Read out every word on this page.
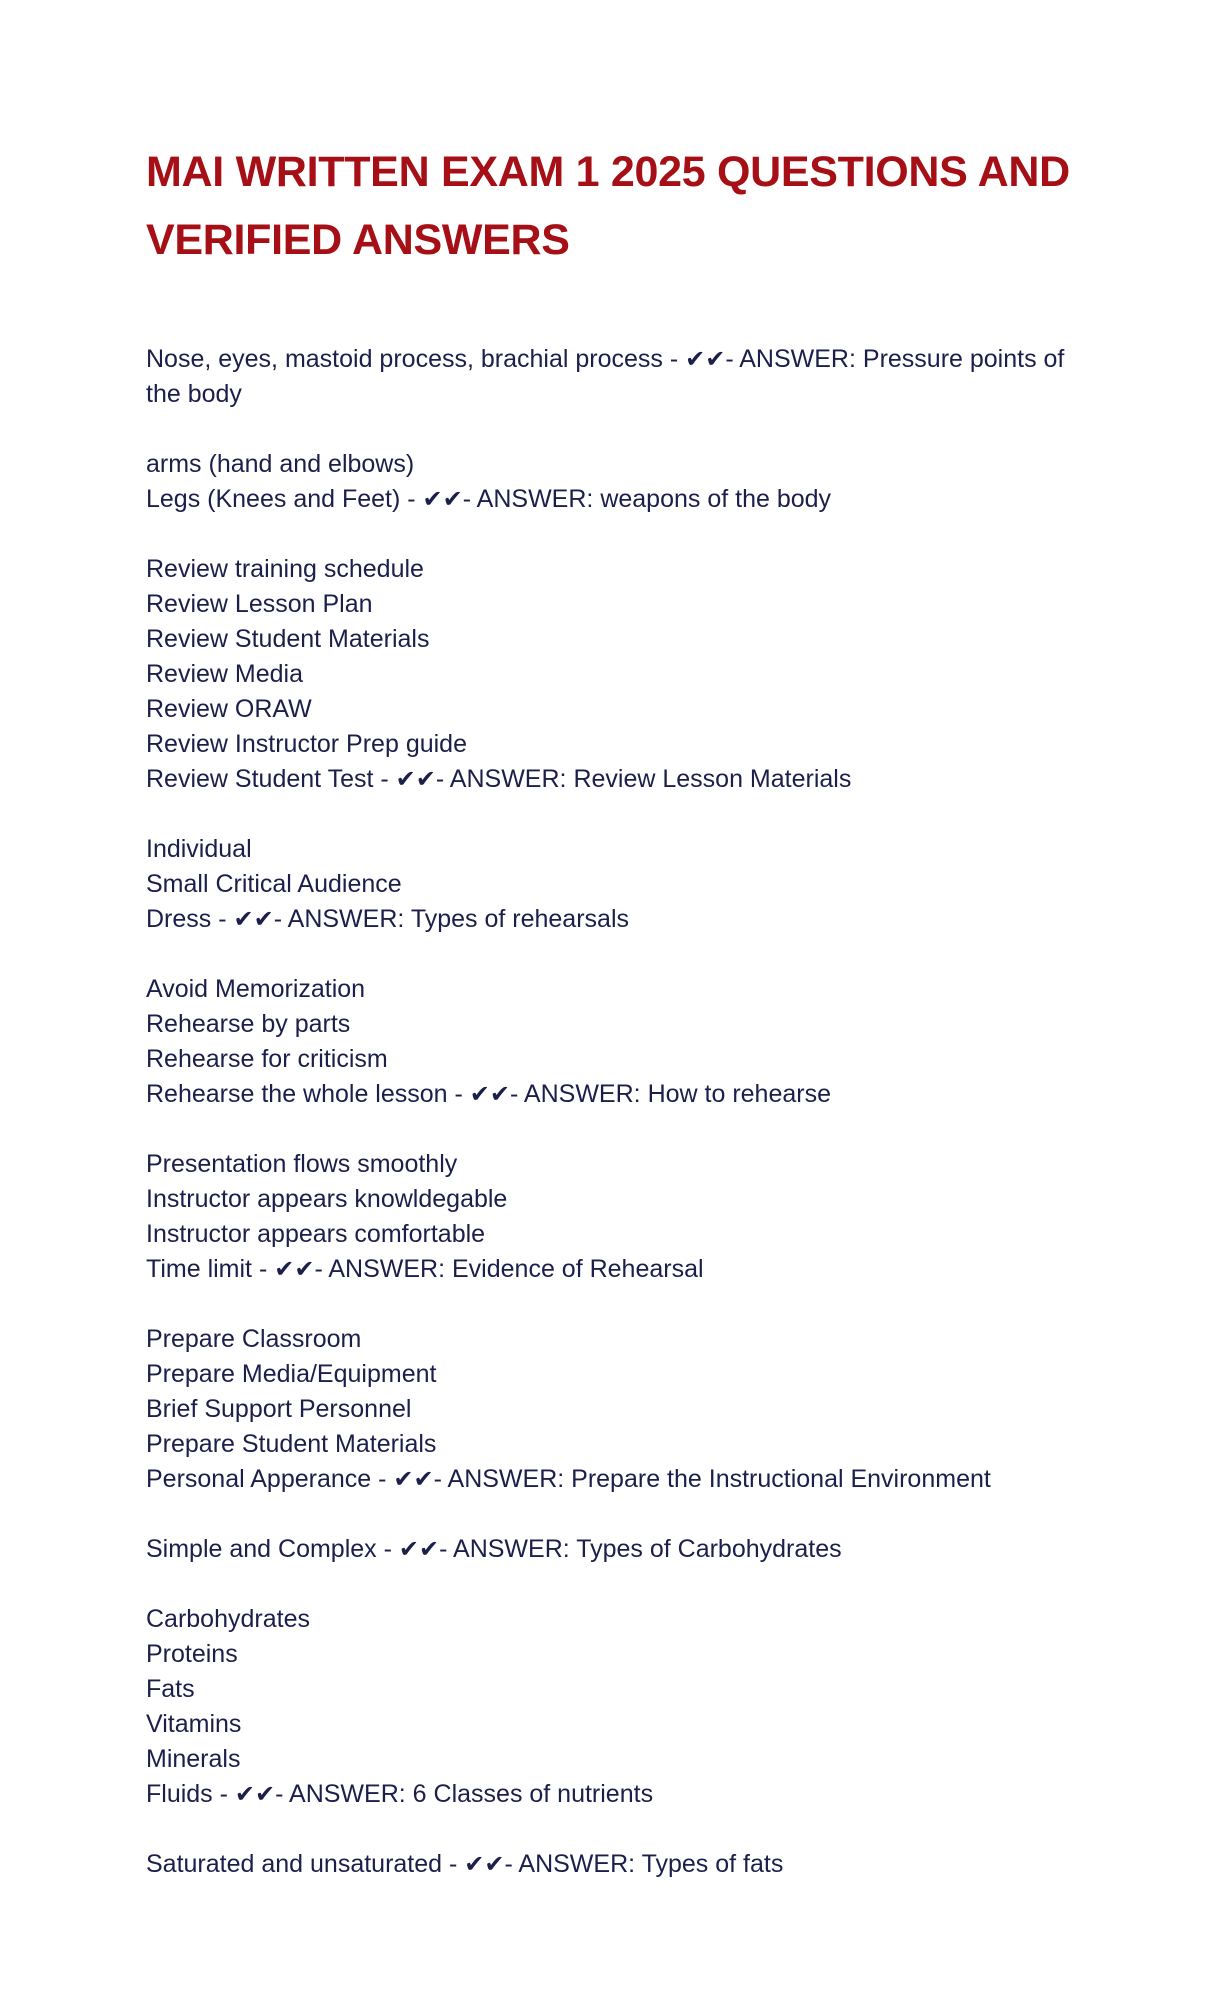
MAI WRITTEN EXAM 1 2025 QUESTIONS AND VERIFIED ANSWERS
Nose, eyes, mastoid process, brachial process - ✔✔- ANSWER: Pressure points of the body
arms (hand and elbows)
Legs (Knees and Feet) - ✔✔- ANSWER: weapons of the body
Review training schedule
Review Lesson Plan
Review Student Materials
Review Media
Review ORAW
Review Instructor Prep guide
Review Student Test - ✔✔- ANSWER: Review Lesson Materials
Individual
Small Critical Audience
Dress - ✔✔- ANSWER: Types of rehearsals
Avoid Memorization
Rehearse by parts
Rehearse for criticism
Rehearse the whole lesson - ✔✔- ANSWER: How to rehearse
Presentation flows smoothly
Instructor appears knowldegable
Instructor appears comfortable
Time limit - ✔✔- ANSWER: Evidence of Rehearsal
Prepare Classroom
Prepare Media/Equipment
Brief Support Personnel
Prepare Student Materials
Personal Apperance - ✔✔- ANSWER: Prepare the Instructional Environment
Simple and Complex - ✔✔- ANSWER: Types of Carbohydrates
Carbohydrates
Proteins
Fats
Vitamins
Minerals
Fluids - ✔✔- ANSWER: 6 Classes of nutrients
Saturated and unsaturated - ✔✔- ANSWER: Types of fats
